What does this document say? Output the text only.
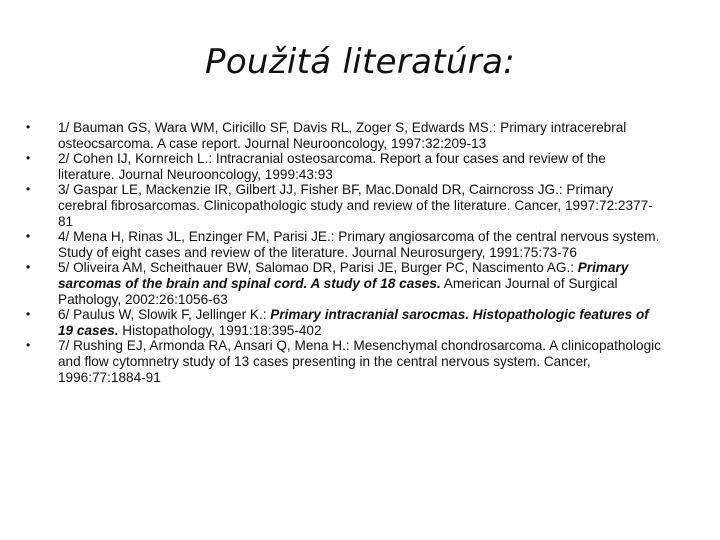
Použitá literatúra:
• 1/ Bauman GS, Wara WM, Ciricillo SF, Davis RL, Zoger S, Edwards MS.: Primary intracerebral osteocsarcoma. A case report. Journal Neurooncology, 1997:32:209-13
• 2/ Cohen IJ, Kornreich L.: Intracranial osteosarcoma. Report a four cases and review of the literature. Journal Neurooncology, 1999:43:93
• 3/ Gaspar LE, Mackenzie IR, Gilbert JJ, Fisher BF, Mac.Donald DR, Cairncross JG.: Primary cerebral fibrosarcomas. Clinicopathologic study and review of the literature. Cancer, 1997:72:2377-81
• 4/ Mena H, Rinas JL, Enzinger FM, Parisi JE.: Primary angiosarcoma of the central nervous system. Study of eight cases and review of the literature. Journal Neurosurgery, 1991:75:73-76
• 5/ Oliveira AM, Scheithauer BW, Salomao DR, Parisi JE, Burger PC, Nascimento AG.: Primary sarcomas of the brain and spinal cord. A study of 18 cases. American Journal of Surgical Pathology, 2002:26:1056-63
• 6/ Paulus W, Slowik F, Jellinger K.: Primary intracranial sarocmas. Histopathologic features of 19 cases. Histopathology, 1991:18:395-402
• 7/ Rushing EJ, Armonda RA, Ansari Q, Mena H.: Mesenchymal chondrosarcoma. A clinicopathologic and flow cytomnetry study of 13 cases presenting in the central nervous system. Cancer, 1996:77:1884-91
